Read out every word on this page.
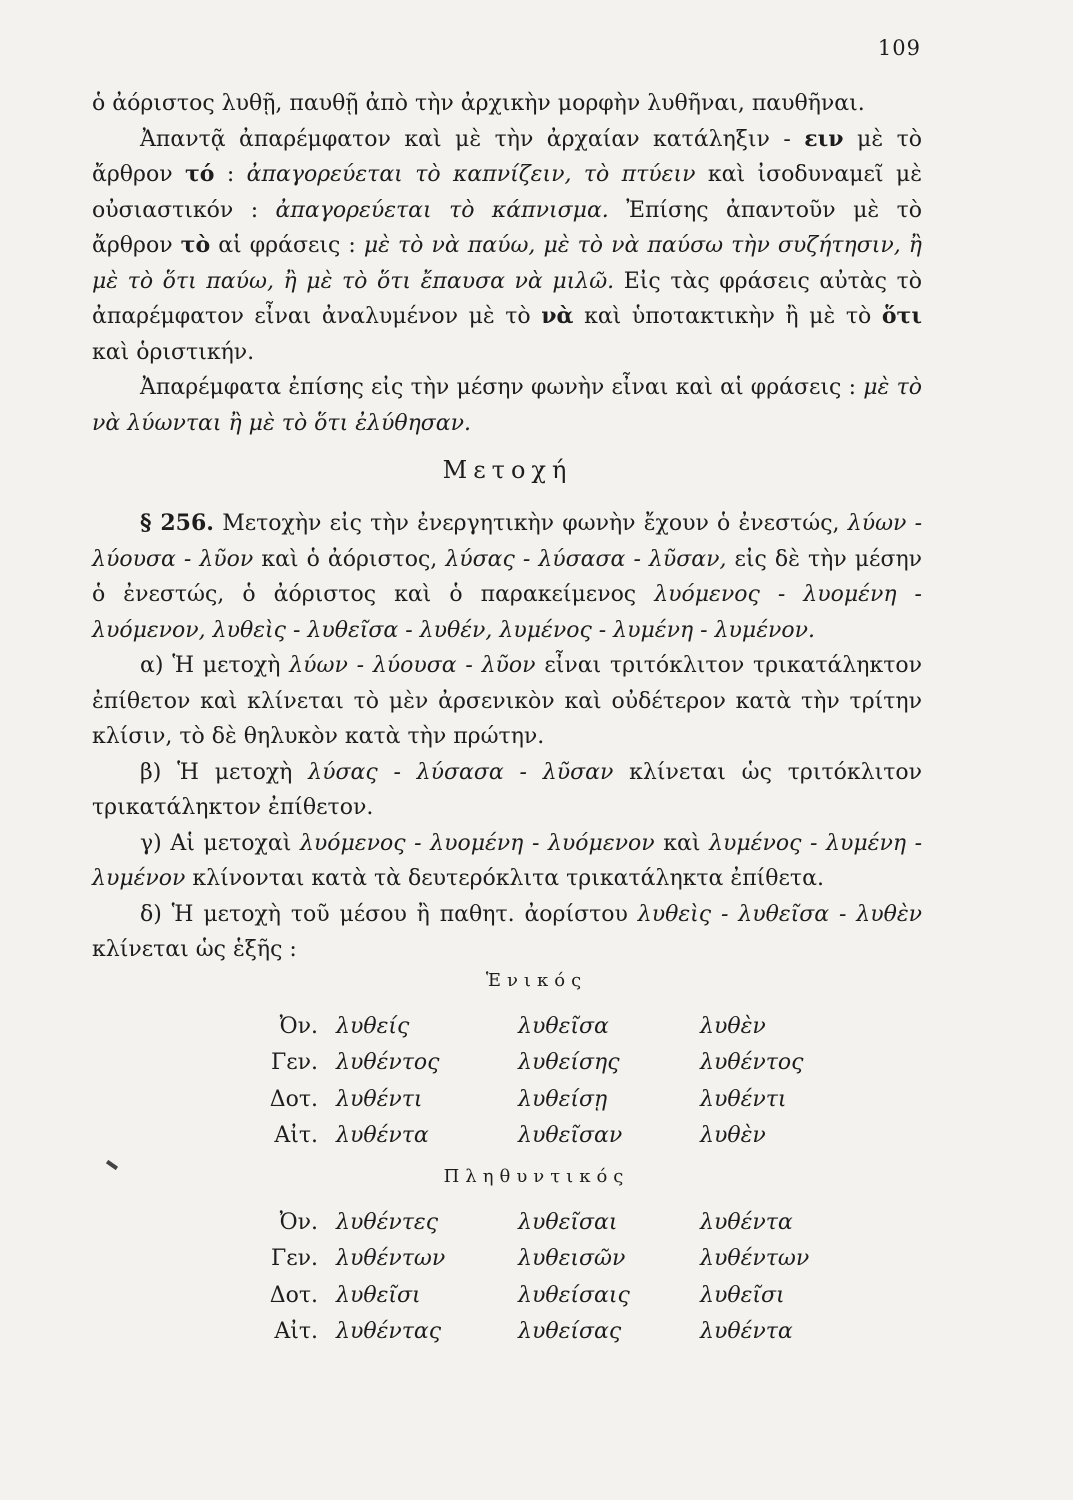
109

ὁ ἀόριστος λυθῇ, παυθῇ ἀπὸ τὴν ἀρχικὴν μορφὴν λυθῆναι, παυθῆναι.

Ἀπαντᾷ ἀπαρέμφατον καὶ μὲ τὴν ἀρχαίαν κατάληξιν - ειν μὲ τὸ ἄρθρον τό : ἀπαγορεύεται τὸ καπνίζειν, τὸ πτύειν καὶ ἰσοδυναμεῖ μὲ οὐσιαστικόν : ἀπαγορεύεται τὸ κάπνισμα. Ἐπίσης ἀπαντοῦν μὲ τὸ ἄρθρον τὸ αἱ φράσεις : μὲ τὸ νὰ παύω, μὲ τὸ νὰ παύσω τὴν συζήτησιν, ἢ μὲ τὸ ὅτι παύω, ἢ μὲ τὸ ὅτι ἔπαυσα νὰ μιλῶ. Εἰς τὰς φράσεις αὐτὰς τὸ ἀπαρέμφατον εἶναι ἀναλυμένον μὲ τὸ νὰ καὶ ὑποτακτικὴν ἢ μὲ τὸ ὅτι καὶ ὁριστικήν.

Ἀπαρέμφατα ἐπίσης εἰς τὴν μέσην φωνὴν εἶναι καὶ αἱ φράσεις : μὲ τὸ νὰ λύωνται ἢ μὲ τὸ ὅτι ἐλύθησαν.

Μετοχή

§ 256. Μετοχὴν εἰς τὴν ἐνεργητικὴν φωνὴν ἔχουν ὁ ἐνεστώς, λύων - λύουσα - λῦον καὶ ὁ ἀόριστος, λύσας - λύσασα - λῦσαν, εἰς δὲ τὴν μέσην ὁ ἐνεστώς, ὁ ἀόριστος καὶ ὁ παρακείμενος λυόμενος - λυομένη - λυόμενον, λυθεὶς - λυθεῖσα - λυθέν, λυμένος - λυμένη - λυμένον.

α) Ἡ μετοχὴ λύων - λύουσα - λῦον εἶναι τριτόκλιτον τρικατάληκτον ἐπίθετον καὶ κλίνεται τὸ μὲν ἀρσενικὸν καὶ οὐδέτερον κατὰ τὴν τρίτην κλίσιν, τὸ δὲ θηλυκὸν κατὰ τὴν πρώτην.

β) Ἡ μετοχὴ λύσας - λύσασα - λῦσαν κλίνεται ὡς τριτόκλιτον τρικατάληκτον ἐπίθετον.

γ) Αἱ μετοχαὶ λυόμενος - λυομένη - λυόμενον καὶ λυμένος - λυμένη - λυμένον κλίνονται κατὰ τὰ δευτερόκλιτα τρικατάληκτα ἐπίθετα.

δ) Ἡ μετοχὴ τοῦ μέσου ἢ παθητ. ἀορίστου λυθεὶς - λυθεῖσα - λυθὲν κλίνεται ὡς ἑξῆς :

Ἑνικός
Ὀν.	λυθείς	λυθεῖσα	λυθὲν
Γεν.	λυθέντος	λυθείσης	λυθέντος
Δοτ.	λυθέντι	λυθείσῃ	λυθέντι
Αἰτ.	λυθέντα	λυθεῖσαν	λυθὲν
Πληθυντικός
Ὀν.	λυθέντες	λυθεῖσαι	λυθέντα
Γεν.	λυθέντων	λυθεισῶν	λυθέντων
Δοτ.	λυθεῖσι	λυθείσαις	λυθεῖσι
Αἰτ.	λυθέντας	λυθείσας	λυθέντα
